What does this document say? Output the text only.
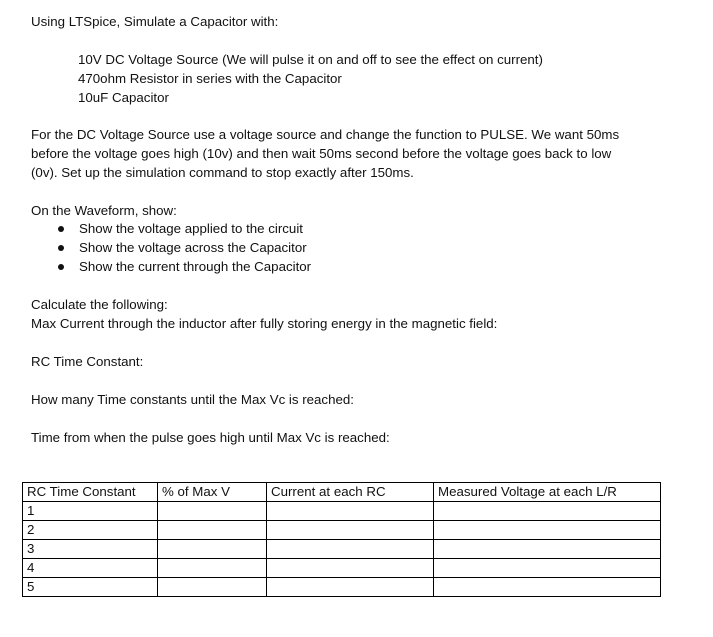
Using LTSpice, Simulate a Capacitor with:
10V DC Voltage Source (We will pulse it on and off to see the effect on current)
470ohm Resistor in series with the Capacitor
10uF Capacitor
For the DC Voltage Source use a voltage source and change the function to PULSE. We want 50ms
before the voltage goes high (10v) and then wait 50ms second before the voltage goes back to low
(0v). Set up the simulation command to stop exactly after 150ms.
On the Waveform, show:
Show the voltage applied to the circuit
Show the voltage across the Capacitor
Show the current through the Capacitor
Calculate the following:
Max Current through the inductor after fully storing energy in the magnetic field:
RC Time Constant:
How many Time constants until the Max Vc is reached:
Time from when the pulse goes high until Max Vc is reached:
RC Time Constant	% of Max V	Current at each RC	Measured Voltage at each L/R
1			
2			
3			
4			
5			
